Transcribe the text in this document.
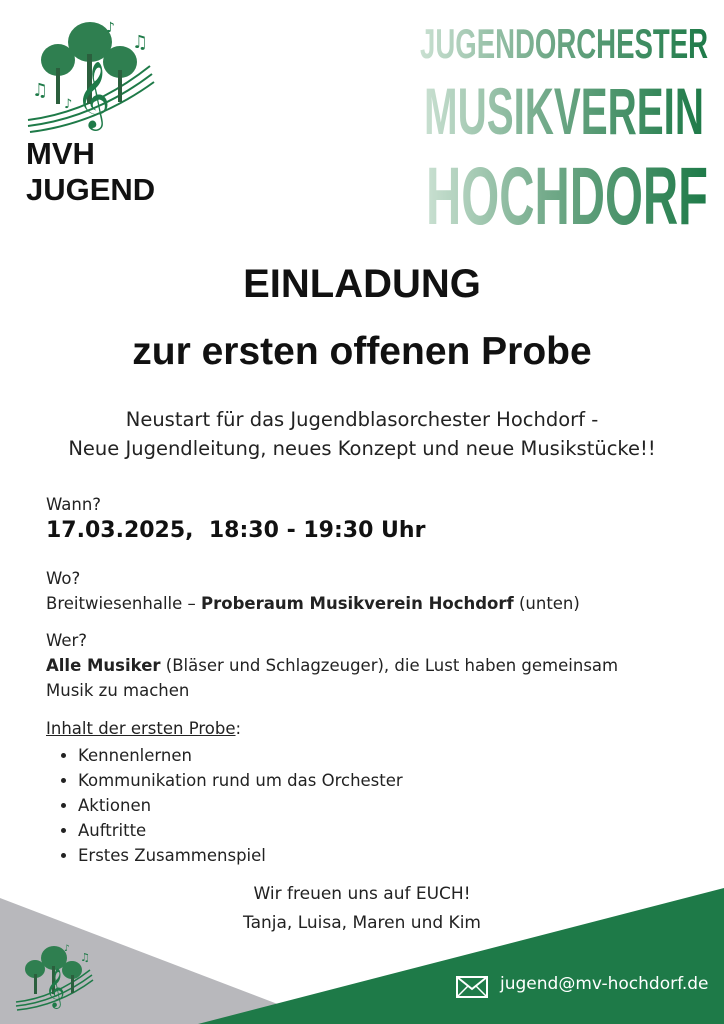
𝄞
♫
♪
♫
♪
MVH
JUGEND
JUGENDORCHESTER
MUSIKVEREIN
HOCHDORF
EINLADUNG
zur ersten offenen Probe
Neustart für das Jugendblasorchester Hochdorf -
Neue Jugendleitung, neues Konzept und neue Musikstücke!!
Wann?
17.03.2025, 18:30 - 19:30 Uhr
Wo?
Breitwiesenhalle – Proberaum Musikverein Hochdorf (unten)
Wer?
Alle Musiker (Bläser und Schlagzeuger), die Lust haben gemeinsam
Musik zu machen
Inhalt der ersten Probe:
• Kennenlernen
• Kommunikation rund um das Orchester
• Aktionen
• Auftritte
• Erstes Zusammenspiel
Wir freuen uns auf EUCH!
Tanja, Luisa, Maren und Kim
𝄞
♪
♫
jugend@mv-hochdorf.de
